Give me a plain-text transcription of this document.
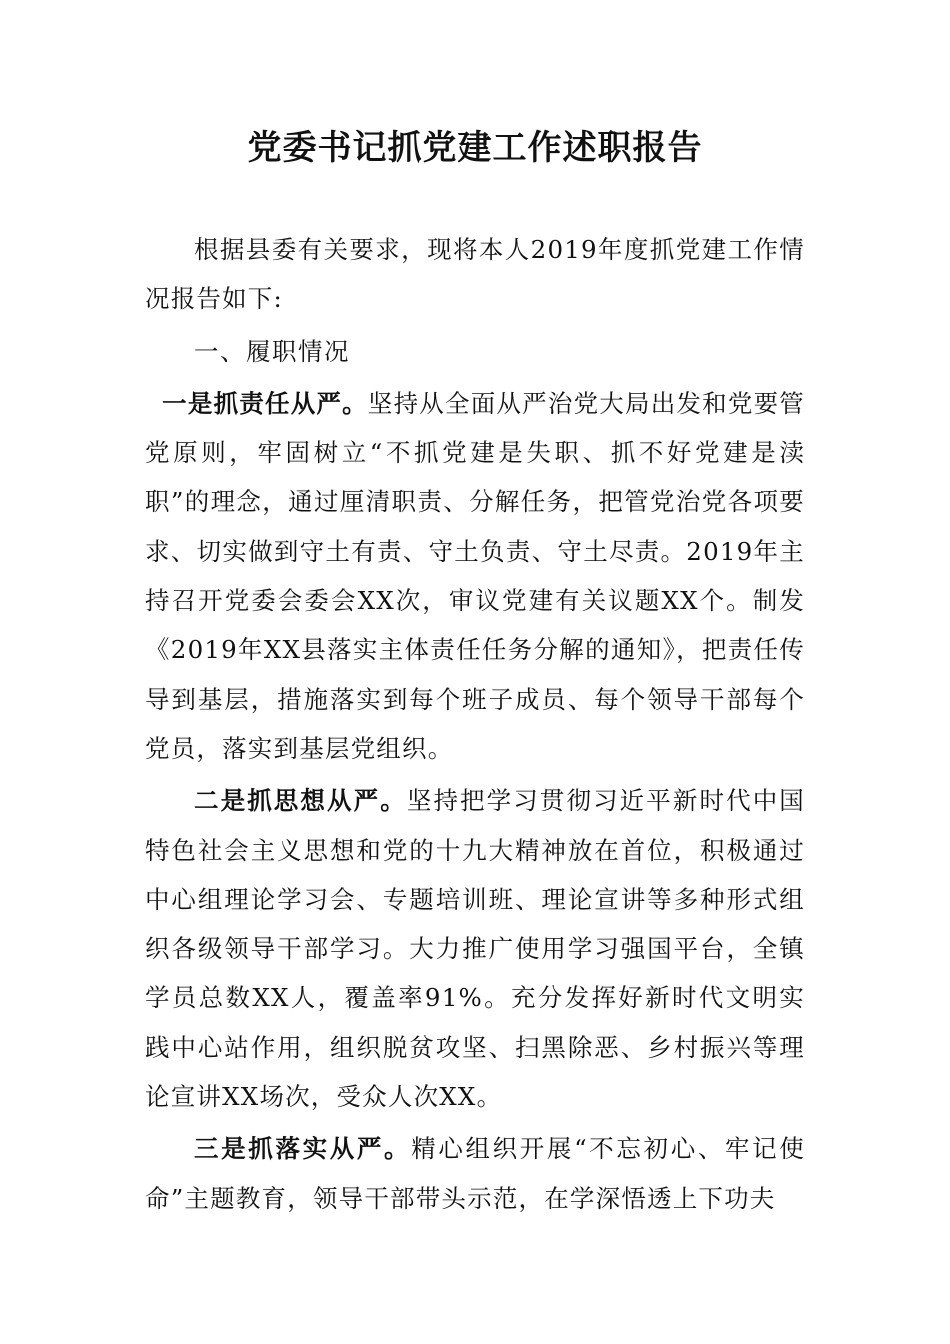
党委书记抓党建工作述职报告

根据县委有关要求，现将本人2019年度抓党建工作情况报告如下:

一、履职情况

一是抓责任从严。坚持从全面从严治党大局出发和党要管党原则，牢固树立“不抓党建是失职、抓不好党建是渎职”的理念，通过厘清职责、分解任务，把管党治党各项要求、切实做到守土有责、守土负责、守土尽责。2019年主持召开党委会委会XX次，审议党建有关议题XX个。制发《2019年XX县落实主体责任任务分解的通知》，把责任传导到基层，措施落实到每个班子成员、每个领导干部每个党员，落实到基层党组织。

二是抓思想从严。坚持把学习贯彻习近平新时代中国特色社会主义思想和党的十九大精神放在首位，积极通过中心组理论学习会、专题培训班、理论宣讲等多种形式组织各级领导干部学习。大力推广使用学习强国平台，全镇学员总数XX人，覆盖率91%。充分发挥好新时代文明实践中心站作用，组织脱贫攻坚、扫黑除恶、乡村振兴等理论宣讲XX场次，受众人次XX。

三是抓落实从严。精心组织开展“不忘初心、牢记使命”主题教育，领导干部带头示范，在学深悟透上下功夫
